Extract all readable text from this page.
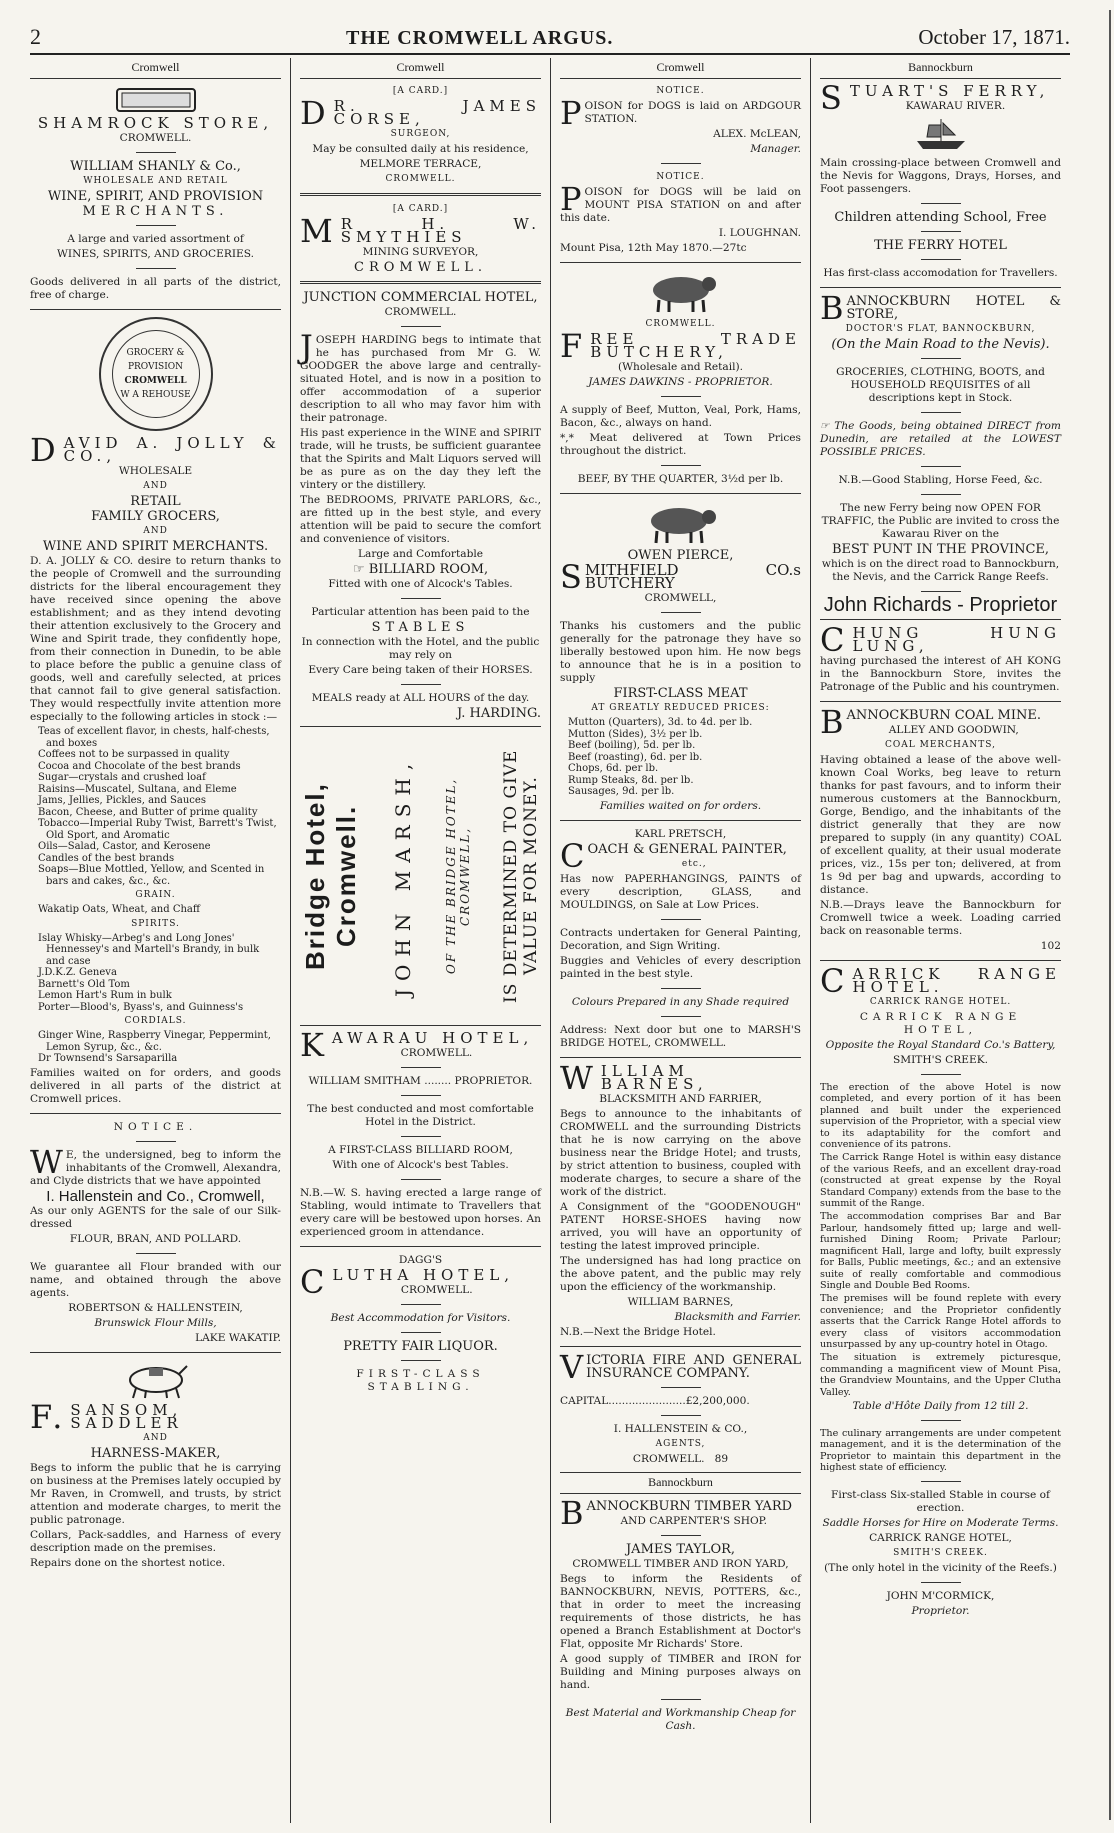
2	THE CROMWELL ARGUS.	October 17, 1871.
Cromwell

SHAMROCK STORE,

CROMWELL.

WILLIAM SHANLY & Co.,

WHOLESALE AND RETAIL

WINE, SPIRIT, AND PROVISION

MERCHANTS.

A large and varied assortment of

WINES, SPIRITS, AND GROCERIES.

Goods delivered in all parts of the district, free of charge.

GROCERY & PROVISION
CROMWELL
W A REHOUSE

DAVID A. JOLLY & CO.,

WHOLESALE

AND

RETAIL

FAMILY GROCERS,

AND

WINE AND SPIRIT MERCHANTS.

D. A. JOLLY & CO. desire to return thanks to the people of Cromwell and the surrounding districts for the liberal encouragement they have received since opening the above establishment; and as they intend devoting their attention exclusively to the Grocery and Wine and Spirit trade, they confidently hope, from their connection in Dunedin, to be able to place before the public a genuine class of goods, well and carefully selected, at prices that cannot fail to give general satisfaction. They would respectfully invite attention more especially to the following articles in stock :—

Teas of excellent flavor, in chests, half-chests, and boxes
Coffees not to be surpassed in quality
Cocoa and Chocolate of the best brands
Sugar—crystals and crushed loaf
Raisins—Muscatel, Sultana, and Eleme
Jams, Jellies, Pickles, and Sauces
Bacon, Cheese, and Butter of prime quality
Tobacco—Imperial Ruby Twist, Barrett's Twist, Old Sport, and Aromatic
Oils—Salad, Castor, and Kerosene
Candles of the best brands
Soaps—Blue Mottled, Yellow, and Scented in bars and cakes, &c., &c.

GRAIN.

Wakatip Oats, Wheat, and Chaff

SPIRITS.

Islay Whisky—Arbeg's and Long Jones' Hennessey's and Martell's Brandy, in bulk and case
J.D.K.Z. Geneva
Barnett's Old Tom
Lemon Hart's Rum in bulk
Porter—Blood's, Byass's, and Guinness's

CORDIALS.

Ginger Wine, Raspberry Vinegar, Peppermint, Lemon Syrup, &c., &c.
Dr Townsend's Sarsaparilla

Families waited on for orders, and goods delivered in all parts of the district at Cromwell prices.

NOTICE.

WE, the undersigned, beg to inform the inhabitants of the Cromwell, Alexandra, and Clyde districts that we have appointed

I. Hallenstein and Co., Cromwell,

As our only AGENTS for the sale of our Silk-dressed

FLOUR, BRAN, AND POLLARD.

We guarantee all Flour branded with our name, and obtained through the above agents.

ROBERTSON & HALLENSTEIN,

Brunswick Flour Mills,

LAKE WAKATIP.

F.SANSOM, SADDLER

AND

HARNESS-MAKER,

Begs to inform the public that he is carrying on business at the Premises lately occupied by Mr Raven, in Cromwell, and trusts, by strict attention and moderate charges, to merit the public patronage.

Collars, Pack-saddles, and Harness of every description made on the premises.

Repairs done on the shortest notice.

Cromwell

[A CARD.]

DR. JAMES CORSE,

SURGEON,

May be consulted daily at his residence,

MELMORE TERRACE,

CROMWELL.

[A CARD.]

MR H. W. SMYTHIES

MINING SURVEYOR,

CROMWELL.

JUNCTION COMMERCIAL HOTEL,

CROMWELL.

JOSEPH HARDING begs to intimate that he has purchased from Mr G. W. GOODGER the above large and centrally-situated Hotel, and is now in a position to offer accommodation of a superior description to all who may favor him with their patronage.

His past experience in the WINE and SPIRIT trade, will he trusts, be sufficient guarantee that the Spirits and Malt Liquors served will be as pure as on the day they left the vintery or the distillery.

The BEDROOMS, PRIVATE PARLORS, &c., are fitted up in the best style, and every attention will be paid to secure the comfort and convenience of visitors.

Large and Comfortable

☞ BILLIARD ROOM,

Fitted with one of Alcock's Tables.

Particular attention has been paid to the

STABLES

In connection with the Hotel, and the public may rely on

Every Care being taken of their HORSES.

MEALS ready at ALL HOURS of the day.

J. HARDING.

Bridge Hotel, Cromwell. JOHN MARSH, OF THE BRIDGE HOTEL, CROMWELL, IS DETERMINED TO GIVE VALUE FOR MONEY.

KAWARAU HOTEL,

CROMWELL.

WILLIAM SMITHAM ........ PROPRIETOR.

The best conducted and most comfortable Hotel in the District.

A FIRST-CLASS BILLIARD ROOM,

With one of Alcock's best Tables.

N.B.—W. S. having erected a large range of Stabling, would intimate to Travellers that every care will be bestowed upon horses. An experienced groom in attendance.

DAGG'S

CLUTHA HOTEL,

CROMWELL.

Best Accommodation for Visitors.

PRETTY FAIR LIQUOR.

FIRST-CLASS STABLING.

Cromwell

NOTICE.

POISON for DOGS is laid on ARDGOUR STATION.

ALEX. McLEAN,

Manager.

NOTICE.

POISON for DOGS will be laid on MOUNT PISA STATION on and after this date.

I. LOUGHNAN.

Mount Pisa, 12th May 1870.—27tc

CROMWELL.

FREE TRADE BUTCHERY,

(Wholesale and Retail).

JAMES DAWKINS - PROPRIETOR.

A supply of Beef, Mutton, Veal, Pork, Hams, Bacon, &c., always on hand.

*,* Meat delivered at Town Prices throughout the district.

BEEF, BY THE QUARTER, 3½d per lb.

OWEN PIERCE,

SMITHFIELD CO.s BUTCHERY

CROMWELL,

Thanks his customers and the public generally for the patronage they have so liberally bestowed upon him. He now begs to announce that he is in a position to supply

FIRST-CLASS MEAT

AT GREATLY REDUCED PRICES:

Mutton (Quarters), 3d. to 4d. per lb.
Mutton (Sides), 3½ per lb.
Beef (boiling), 5d. per lb.
Beef (roasting), 6d. per lb.
Chops, 6d. per lb.
Rump Steaks, 8d. per lb.
Sausages, 9d. per lb.

Families waited on for orders.

KARL PRETSCH,

COACH & GENERAL PAINTER,

etc.,

Has now PAPERHANGINGS, PAINTS of every description, GLASS, and MOULDINGS, on Sale at Low Prices.

Contracts undertaken for General Painting, Decoration, and Sign Writing.

Buggies and Vehicles of every description painted in the best style.

Colours Prepared in any Shade required

Address: Next door but one to MARSH'S BRIDGE HOTEL, CROMWELL.

WILLIAM BARNES,

BLACKSMITH AND FARRIER,

Begs to announce to the inhabitants of CROMWELL and the surrounding Districts that he is now carrying on the above business near the Bridge Hotel; and trusts, by strict attention to business, coupled with moderate charges, to secure a share of the work of the district.

A Consignment of the "GOODENOUGH" PATENT HORSE-SHOES having now arrived, you will have an opportunity of testing the latest improved principle.

The undersigned has had long practice on the above patent, and the public may rely upon the efficiency of the workmanship.

WILLIAM BARNES,

Blacksmith and Farrier.

N.B.—Next the Bridge Hotel.

VICTORIA FIRE AND GENERAL INSURANCE COMPANY.

CAPITAL.......................£2,200,000.

I. HALLENSTEIN & CO.,

AGENTS,

CROMWELL. 89

Bannockburn

BANNOCKBURN TIMBER YARD

AND CARPENTER'S SHOP.

JAMES TAYLOR,

CROMWELL TIMBER AND IRON YARD,

Begs to inform the Residents of BANNOCKBURN, NEVIS, POTTERS, &c., that in order to meet the increasing requirements of those districts, he has opened a Branch Establishment at Doctor's Flat, opposite Mr Richards' Store.

A good supply of TIMBER and IRON for Building and Mining purposes always on hand.

Best Material and Workmanship Cheap for Cash.

Bannockburn

STUART'S FERRY,

KAWARAU RIVER.

Main crossing-place between Cromwell and the Nevis for Waggons, Drays, Horses, and Foot passengers.

Children attending School, Free

THE FERRY HOTEL

Has first-class accomodation for Travellers.

BANNOCKBURN HOTEL & STORE,

DOCTOR'S FLAT, BANNOCKBURN,

(On the Main Road to the Nevis).

GROCERIES, CLOTHING, BOOTS, and HOUSEHOLD REQUISITES of all descriptions kept in Stock.

☞ The Goods, being obtained DIRECT from Dunedin, are retailed at the LOWEST POSSIBLE PRICES.

N.B.—Good Stabling, Horse Feed, &c.

The new Ferry being now OPEN FOR TRAFFIC, the Public are invited to cross the Kawarau River on the

BEST PUNT IN THE PROVINCE,

which is on the direct road to Bannockburn, the Nevis, and the Carrick Range Reefs.

John Richards - Proprietor

CHUNG HUNG LUNG,

having purchased the interest of AH KONG in the Bannockburn Store, invites the Patronage of the Public and his countrymen.

BANNOCKBURN COAL MINE.

ALLEY AND GOODWIN,

COAL MERCHANTS,

Having obtained a lease of the above well-known Coal Works, beg leave to return thanks for past favours, and to inform their numerous customers at the Bannockburn, Gorge, Bendigo, and the inhabitants of the district generally that they are now prepared to supply (in any quantity) COAL of excellent quality, at their usual moderate prices, viz., 15s per ton; delivered, at from 1s 9d per bag and upwards, according to distance.

N.B.—Drays leave the Bannockburn for Cromwell twice a week. Loading carried back on reasonable terms.

102

CARRICK RANGE HOTEL.

CARRICK RANGE HOTEL.

CARRICK RANGE HOTEL,

Opposite the Royal Standard Co.'s Battery,

SMITH'S CREEK.

The erection of the above Hotel is now completed, and every portion of it has been planned and built under the experienced supervision of the Proprietor, with a special view to its adaptability for the comfort and convenience of its patrons.

The Carrick Range Hotel is within easy distance of the various Reefs, and an excellent dray-road (constructed at great expense by the Royal Standard Company) extends from the base to the summit of the Range.

The accommodation comprises Bar and Bar Parlour, handsomely fitted up; large and well-furnished Dining Room; Private Parlour; magnificent Hall, large and lofty, built expressly for Balls, Public meetings, &c.; and an extensive suite of really comfortable and commodious Single and Double Bed Rooms.

The premises will be found replete with every convenience; and the Proprietor confidently asserts that the Carrick Range Hotel affords to every class of visitors accommodation unsurpassed by any up-country hotel in Otago.

The situation is extremely picturesque, commanding a magnificent view of Mount Pisa, the Grandview Mountains, and the Upper Clutha Valley.

Table d'Hôte Daily from 12 till 2.

The culinary arrangements are under competent management, and it is the determination of the Proprietor to maintain this department in the highest state of efficiency.

First-class Six-stalled Stable in course of erection.

Saddle Horses for Hire on Moderate Terms.

CARRICK RANGE HOTEL,

SMITH'S CREEK.

(The only hotel in the vicinity of the Reefs.)

JOHN M'CORMICK,

Proprietor.
